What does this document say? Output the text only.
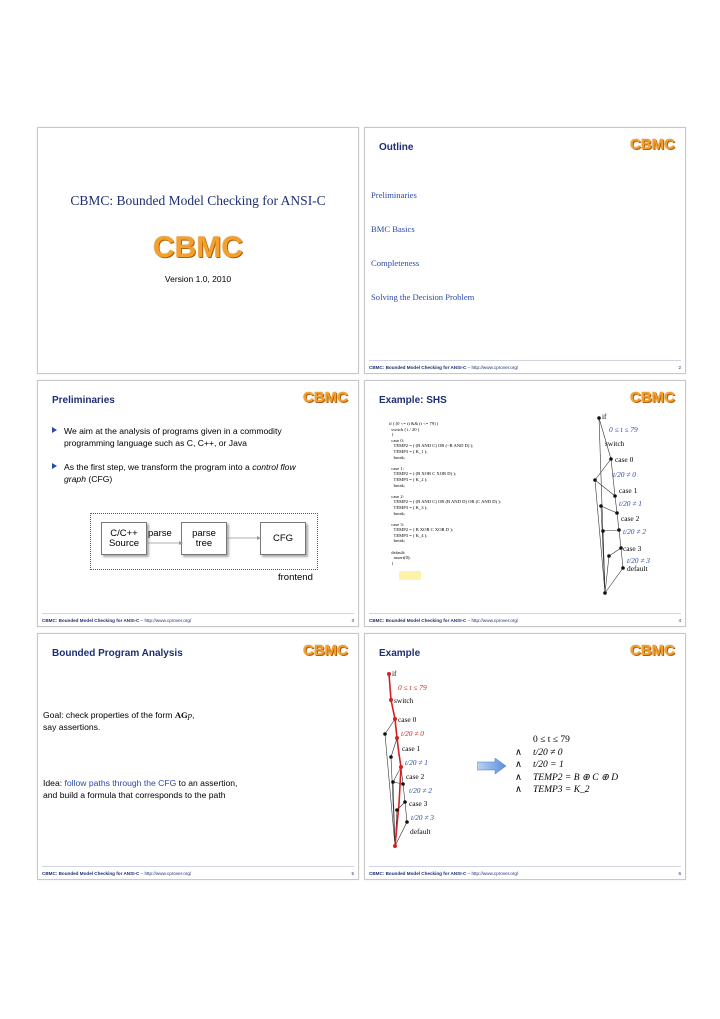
CBMC: Bounded Model Checking for ANSI-C
CBMC
Version 1.0, 2010
Outline	CBMC
Preliminaries
BMC Basics
Completeness
Solving the Decision Problem
CBMC: Bounded Model Checking for ANSI-C – http://www.cprover.org/	2
Preliminaries	CBMC
We aim at the analysis of programs given in a commodity programming language such as C, C++, or Java
As the first step, we transform the program into a control flow graph (CFG)
C/C++
Source
parse
tree	CFG
parse
frontend
CBMC: Bounded Model Checking for ANSI-C – http://www.cprover.org/	3
Example: SHS	CBMC
if ( (0 <= t) && (t <= 79) )
switch ( t / 20 )
{
case 0:
TEMP2 = ( (B AND C) OR (~B AND D) );
TEMP3 = ( K_1 );
break;

case 1:
TEMP2 = ( (B XOR C XOR D) );
TEMP3 = ( K_2 );
break;

case 2:
TEMP2 = ( (B AND C) OR (B AND D) OR (C AND D) );
TEMP3 = ( K_3 );
break;

case 3:
TEMP2 = ( B XOR C XOR D );
TEMP3 = ( K_4 );
break;

default:
assert(0);
}
if
0 ≤ t ≤ 79
switch
case 0
t/20 ≠ 0
case 1
t/20 ≠ 1
case 2
t/20 ≠ 2
case 3
t/20 ≠ 3
default
CBMC: Bounded Model Checking for ANSI-C – http://www.cprover.org/	4
Bounded Program Analysis	CBMC
Goal: check properties of the form AGp,
say assertions.
Idea: follow paths through the CFG to an assertion,
and build a formula that corresponds to the path
CBMC: Bounded Model Checking for ANSI-C – http://www.cprover.org/	5
Example	CBMC
if
0 ≤ t ≤ 79
switch
case 0
t/20 ≠ 0
case 1
t/20 ≠ 1
case 2
t/20 ≠ 2
case 3
t/20 ≠ 3
default
0 ≤ t ≤ 79
∧ t/20 ≠ 0
∧ t/20 = 1
∧ TEMP2 = B ⊕ C ⊕ D
∧ TEMP3 = K_2
CBMC: Bounded Model Checking for ANSI-C – http://www.cprover.org/	6
